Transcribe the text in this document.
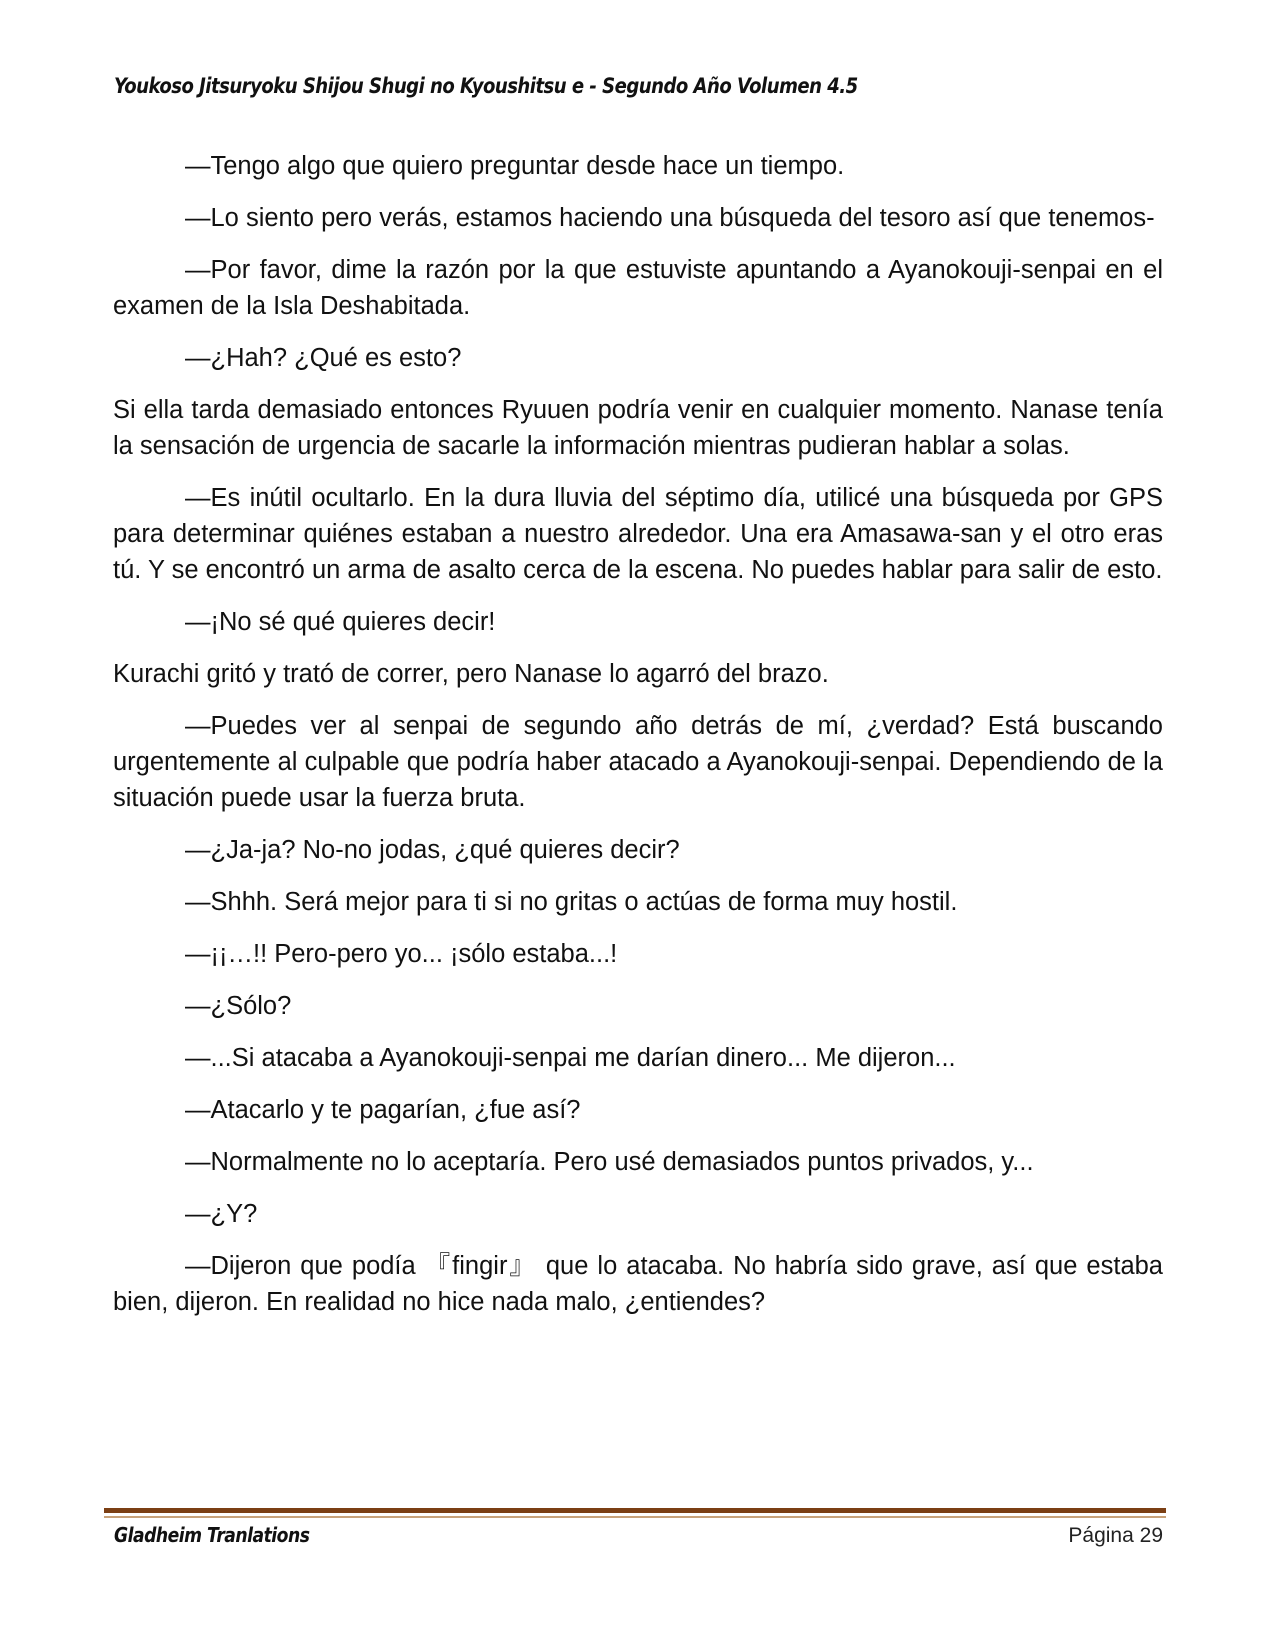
Youkoso Jitsuryoku Shijou Shugi no Kyoushitsu e - Segundo Año Volumen 4.5

—Tengo algo que quiero preguntar desde hace un tiempo.

—Lo siento pero verás, estamos haciendo una búsqueda del tesoro así que tenemos-

—Por favor, dime la razón por la que estuviste apuntando a Ayanokouji-senpai en el examen de la Isla Deshabitada.

—¿Hah? ¿Qué es esto?

Si ella tarda demasiado entonces Ryuuen podría venir en cualquier momento. Nanase tenía la sensación de urgencia de sacarle la información mientras pudieran hablar a solas.

—Es inútil ocultarlo. En la dura lluvia del séptimo día, utilicé una búsqueda por GPS para determinar quiénes estaban a nuestro alrededor. Una era Amasawa-san y el otro eras tú. Y se encontró un arma de asalto cerca de la escena. No puedes hablar para salir de esto.

—¡No sé qué quieres decir!

Kurachi gritó y trató de correr, pero Nanase lo agarró del brazo.

—Puedes ver al senpai de segundo año detrás de mí, ¿verdad? Está buscando urgentemente al culpable que podría haber atacado a Ayanokouji-senpai. Dependiendo de la situación puede usar la fuerza bruta.

—¿Ja-ja? No-no jodas, ¿qué quieres decir?

—Shhh. Será mejor para ti si no gritas o actúas de forma muy hostil.

—¡¡…!! Pero-pero yo... ¡sólo estaba...!

—¿Sólo?

—...Si atacaba a Ayanokouji-senpai me darían dinero... Me dijeron...

—Atacarlo y te pagarían, ¿fue así?

—Normalmente no lo aceptaría. Pero usé demasiados puntos privados, y...

—¿Y?

—Dijeron que podía 『fingir』 que lo atacaba. No habría sido grave, así que estaba bien, dijeron. En realidad no hice nada malo, ¿entiendes?

Gladheim Tranlations	Página 29
